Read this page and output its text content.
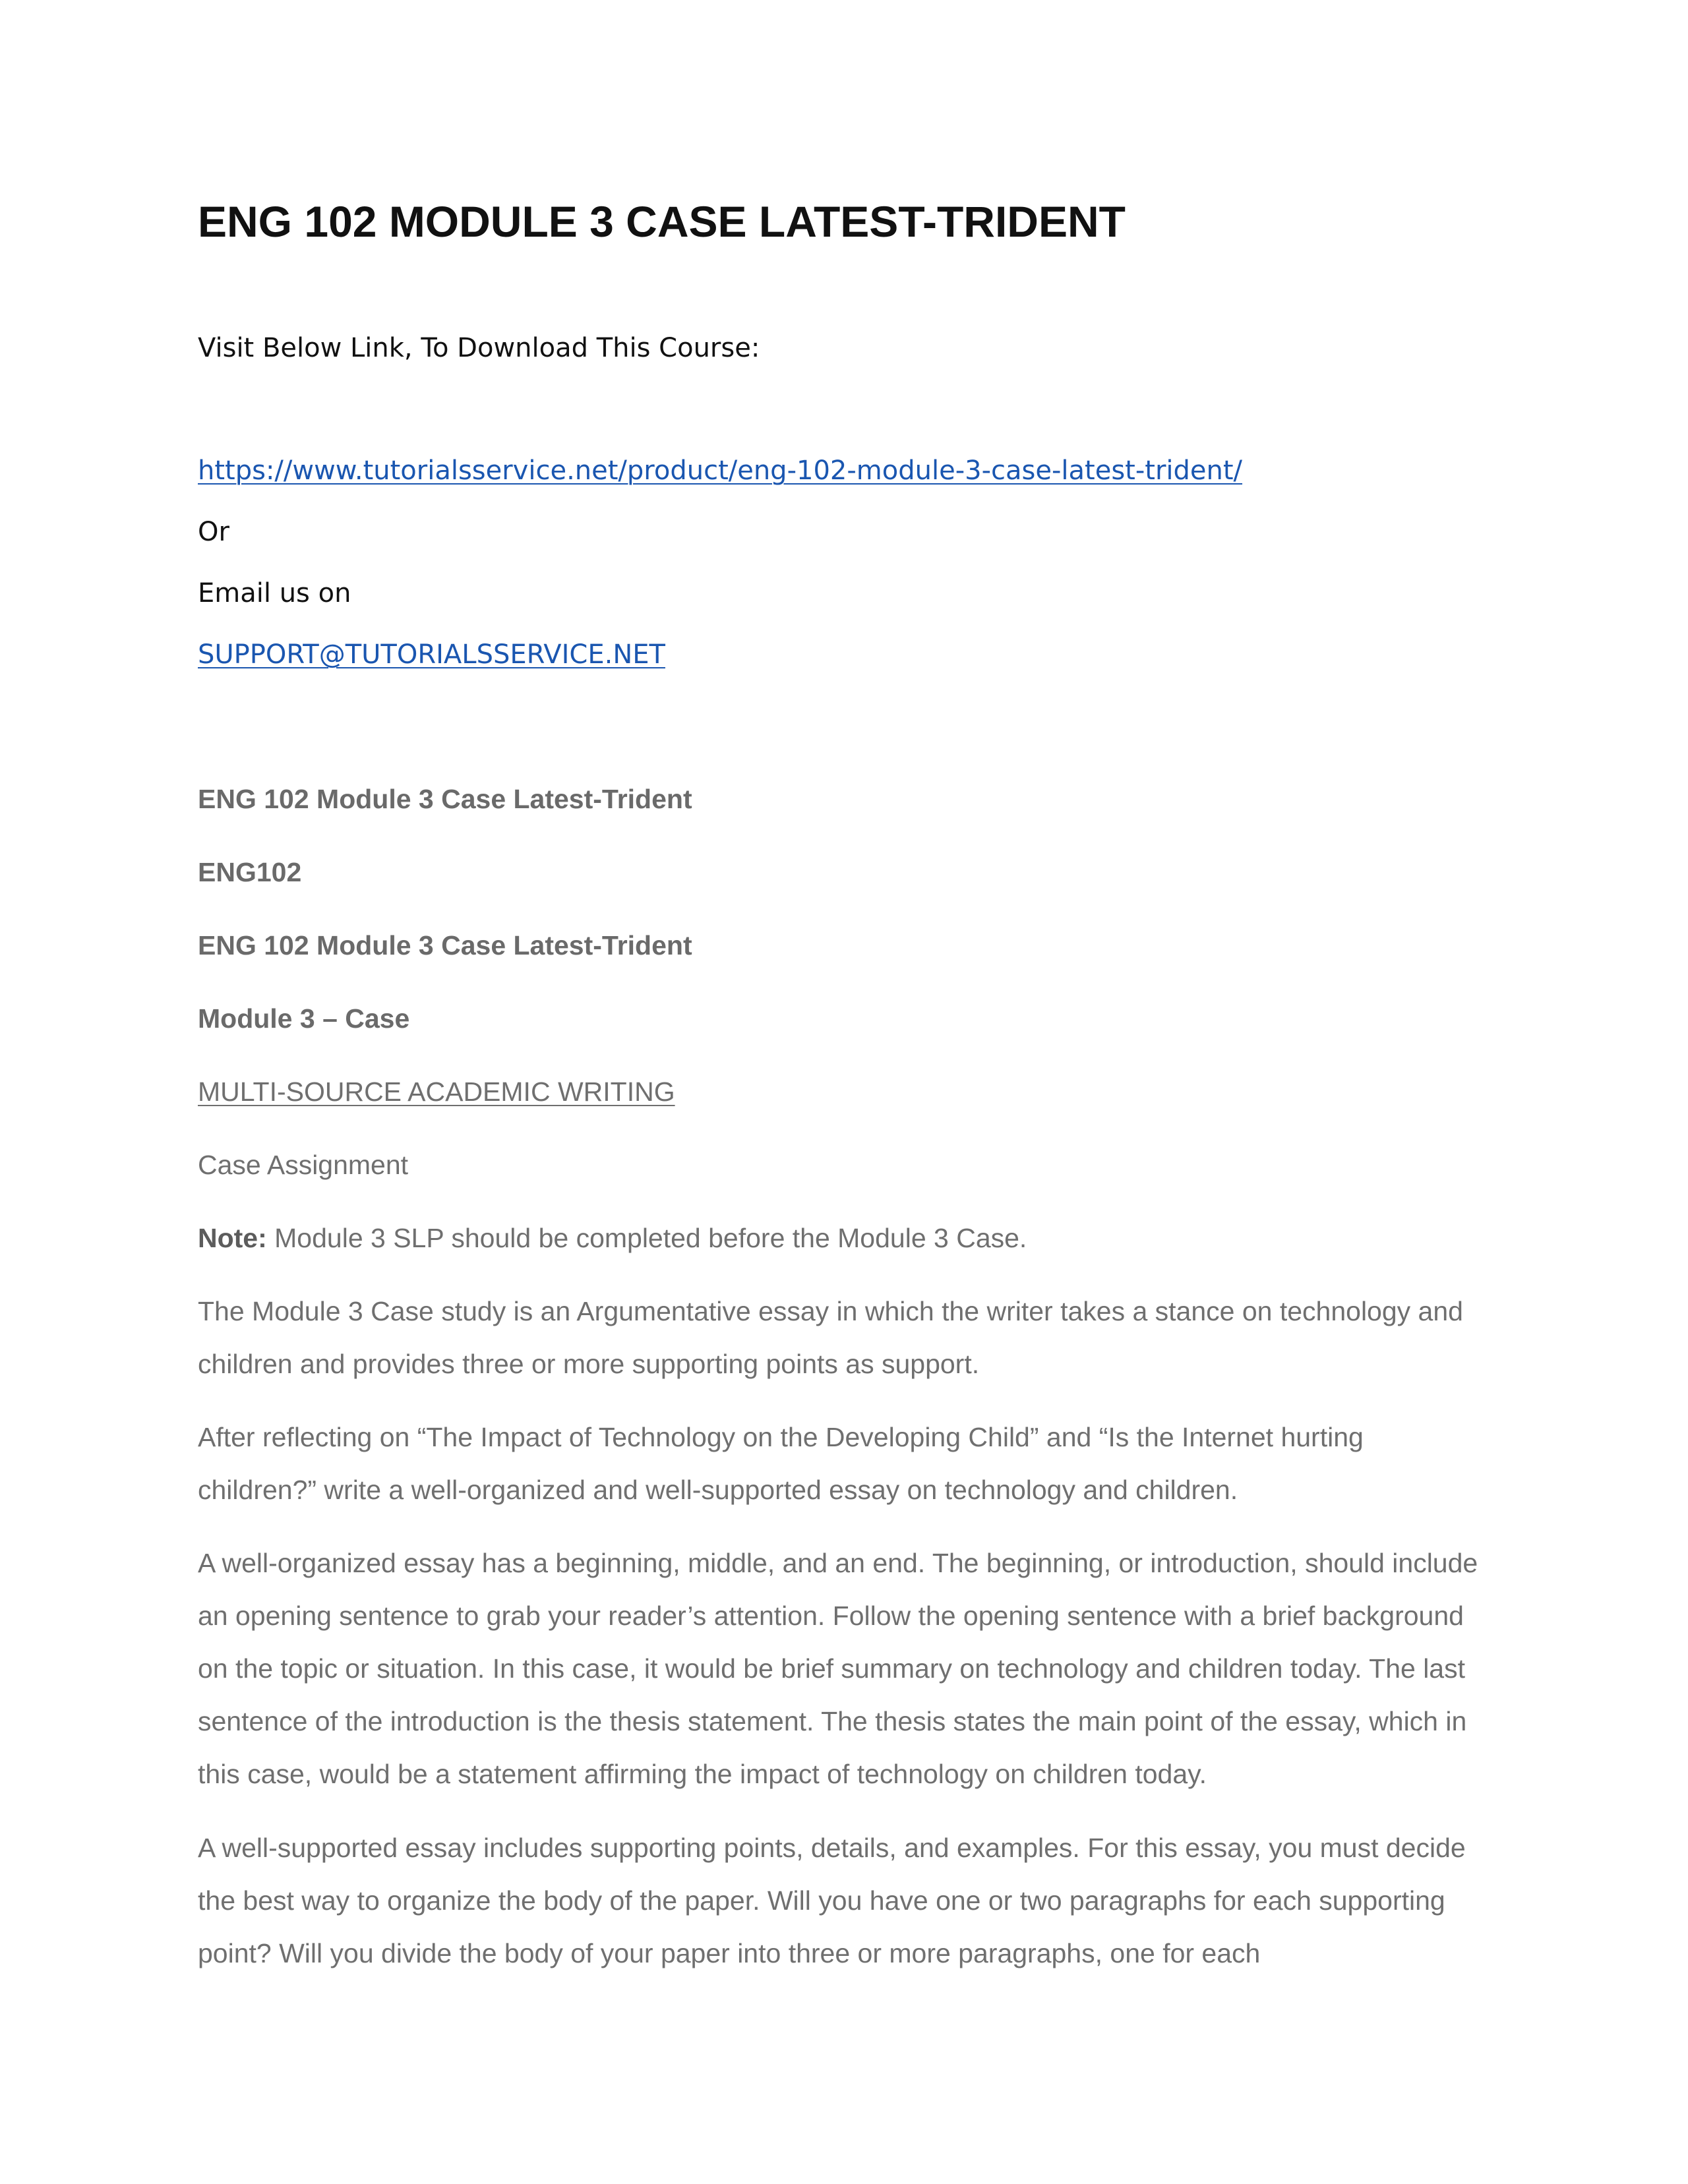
ENG 102 MODULE 3 CASE LATEST-TRIDENT

Visit Below Link, To Download This Course:

https://www.tutorialsservice.net/product/eng-102-module-3-case-latest-trident/

Or

Email us on

SUPPORT@TUTORIALSSERVICE.NET

ENG 102 Module 3 Case Latest-Trident

ENG102

ENG 102 Module 3 Case Latest-Trident

Module 3 – Case

MULTI-SOURCE ACADEMIC WRITING

Case Assignment

Note: Module 3 SLP should be completed before the Module 3 Case.

The Module 3 Case study is an Argumentative essay in which the writer takes a stance on technology and children and provides three or more supporting points as support.

After reflecting on “The Impact of Technology on the Developing Child” and “Is the Internet hurting children?” write a well-organized and well-supported essay on technology and children.

A well-organized essay has a beginning, middle, and an end. The beginning, or introduction, should include an opening sentence to grab your reader’s attention. Follow the opening sentence with a brief background on the topic or situation. In this case, it would be brief summary on technology and children today. The last sentence of the introduction is the thesis statement. The thesis states the main point of the essay, which in this case, would be a statement affirming the impact of technology on children today.

A well-supported essay includes supporting points, details, and examples. For this essay, you must decide the best way to organize the body of the paper. Will you have one or two paragraphs for each supporting point? Will you divide the body of your paper into three or more paragraphs, one for each
